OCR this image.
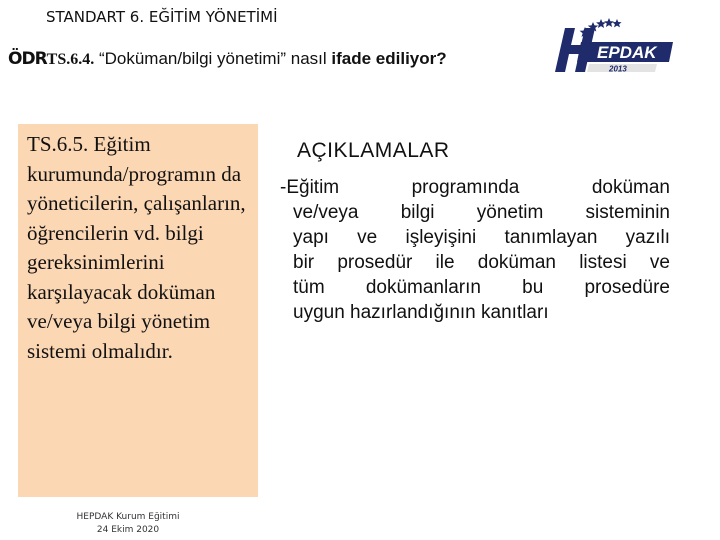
STANDART 6. EĞİTİM YÖNETİMİ
ÖDRTS.6.4. “Doküman/bilgi yönetimi” nasıl ifade ediliyor?	EPDAK
2013
TS.6.5. Eğitim kurumunda/programın da yöneticilerin, çalışanların, öğrencilerin vd. bilgi gereksinimlerini karşılayacak doküman ve/veya bilgi yönetim sistemi olmalıdır.
AÇIKLAMALAR
-Eğitim programında doküman
ve/veya bilgi yönetim sisteminin
yapı ve işleyişini tanımlayan yazılı
bir prosedür ile doküman listesi ve
tüm dokümanların bu prosedüre
uygun hazırlandığının kanıtları
HEPDAK Kurum Eğitimi
24 Ekim 2020
